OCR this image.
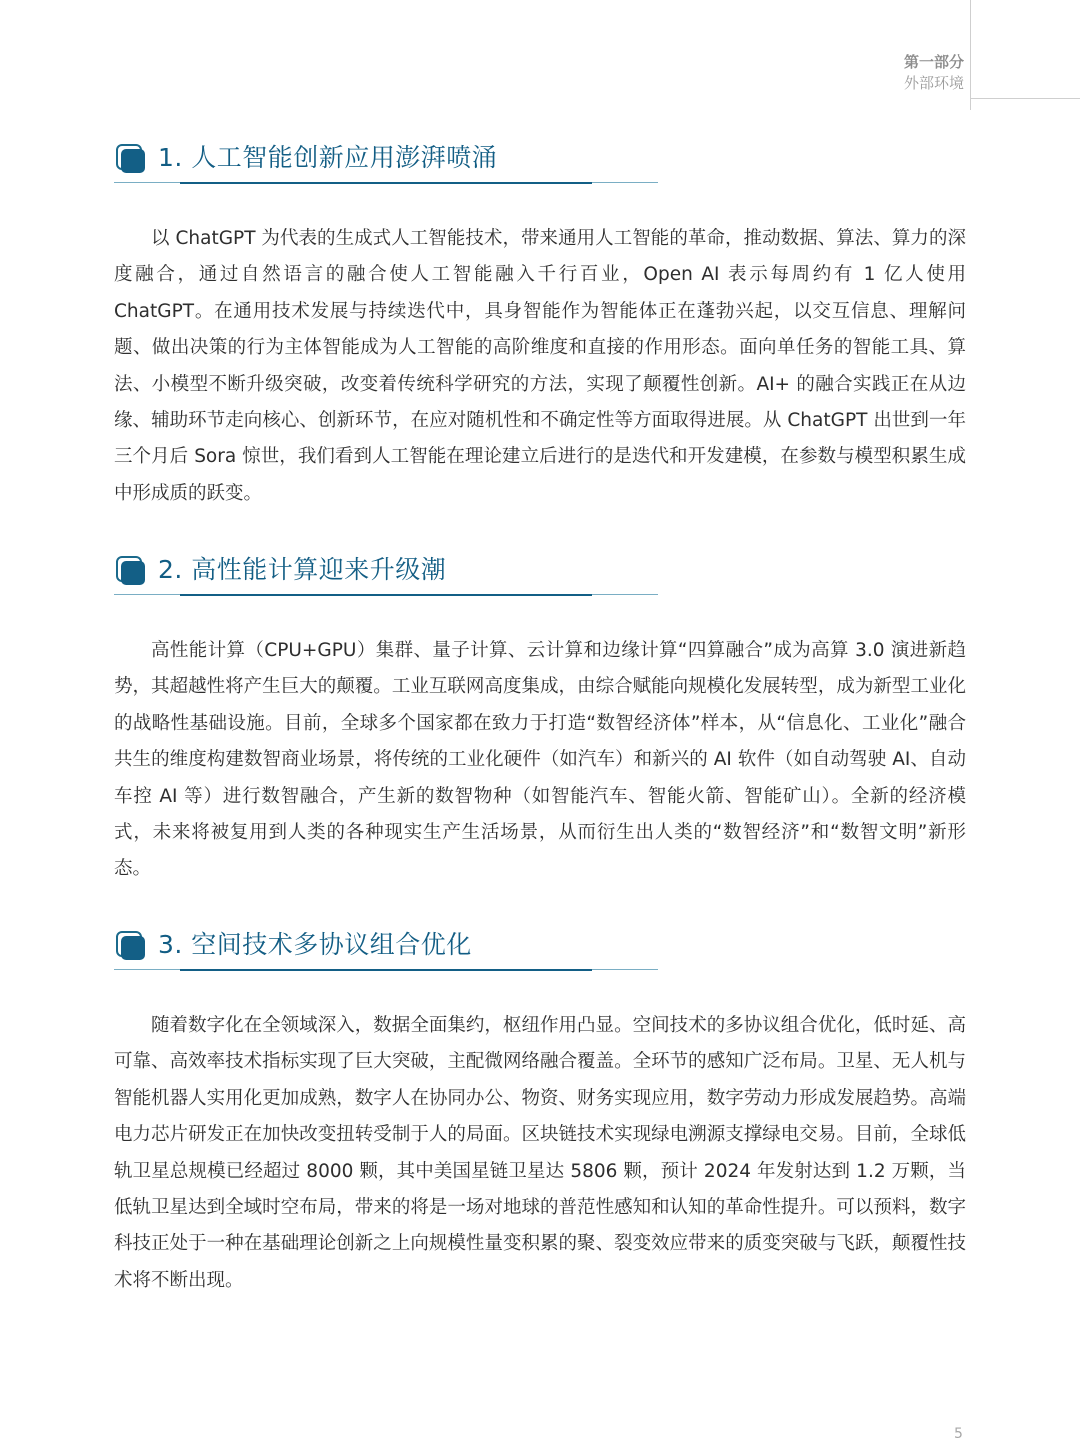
第一部分
外部环境
1. 人工智能创新应用澎湃喷涌

以 ChatGPT 为代表的生成式人工智能技术，带来通用人工智能的革命，推动数据、算法、算力的深度融合，通过自然语言的融合使人工智能融入千行百业，Open AI 表示每周约有 1 亿人使用 ChatGPT。在通用技术发展与持续迭代中，具身智能作为智能体正在蓬勃兴起，以交互信息、理解问题、做出决策的行为主体智能成为人工智能的高阶维度和直接的作用形态。面向单任务的智能工具、算法、小模型不断升级突破，改变着传统科学研究的方法，实现了颠覆性创新。AI+ 的融合实践正在从边缘、辅助环节走向核心、创新环节，在应对随机性和不确定性等方面取得进展。从 ChatGPT 出世到一年三个月后 Sora 惊世，我们看到人工智能在理论建立后进行的是迭代和开发建模，在参数与模型积累生成中形成质的跃变。

2. 高性能计算迎来升级潮

高性能计算（CPU+GPU）集群、量子计算、云计算和边缘计算“四算融合”成为高算 3.0 演进新趋势，其超越性将产生巨大的颠覆。工业互联网高度集成，由综合赋能向规模化发展转型，成为新型工业化的战略性基础设施。目前，全球多个国家都在致力于打造“数智经济体”样本，从“信息化、工业化”融合共生的维度构建数智商业场景，将传统的工业化硬件（如汽车）和新兴的 AI 软件（如自动驾驶 AI、自动车控 AI 等）进行数智融合，产生新的数智物种（如智能汽车、智能火箭、智能矿山）。全新的经济模式，未来将被复用到人类的各种现实生产生活场景，从而衍生出人类的“数智经济”和“数智文明”新形态。

3. 空间技术多协议组合优化

随着数字化在全领域深入，数据全面集约，枢纽作用凸显。空间技术的多协议组合优化，低时延、高可靠、高效率技术指标实现了巨大突破，主配微网络融合覆盖。全环节的感知广泛布局。卫星、无人机与智能机器人实用化更加成熟，数字人在协同办公、物资、财务实现应用，数字劳动力形成发展趋势。高端电力芯片研发正在加快改变扭转受制于人的局面。区块链技术实现绿电溯源支撑绿电交易。目前，全球低轨卫星总规模已经超过 8000 颗，其中美国星链卫星达 5806 颗，预计 2024 年发射达到 1.2 万颗，当低轨卫星达到全域时空布局，带来的将是一场对地球的普范性感知和认知的革命性提升。可以预料，数字科技正处于一种在基础理论创新之上向规模性量变积累的聚、裂变效应带来的质变突破与飞跃，颠覆性技术将不断出现。

5
